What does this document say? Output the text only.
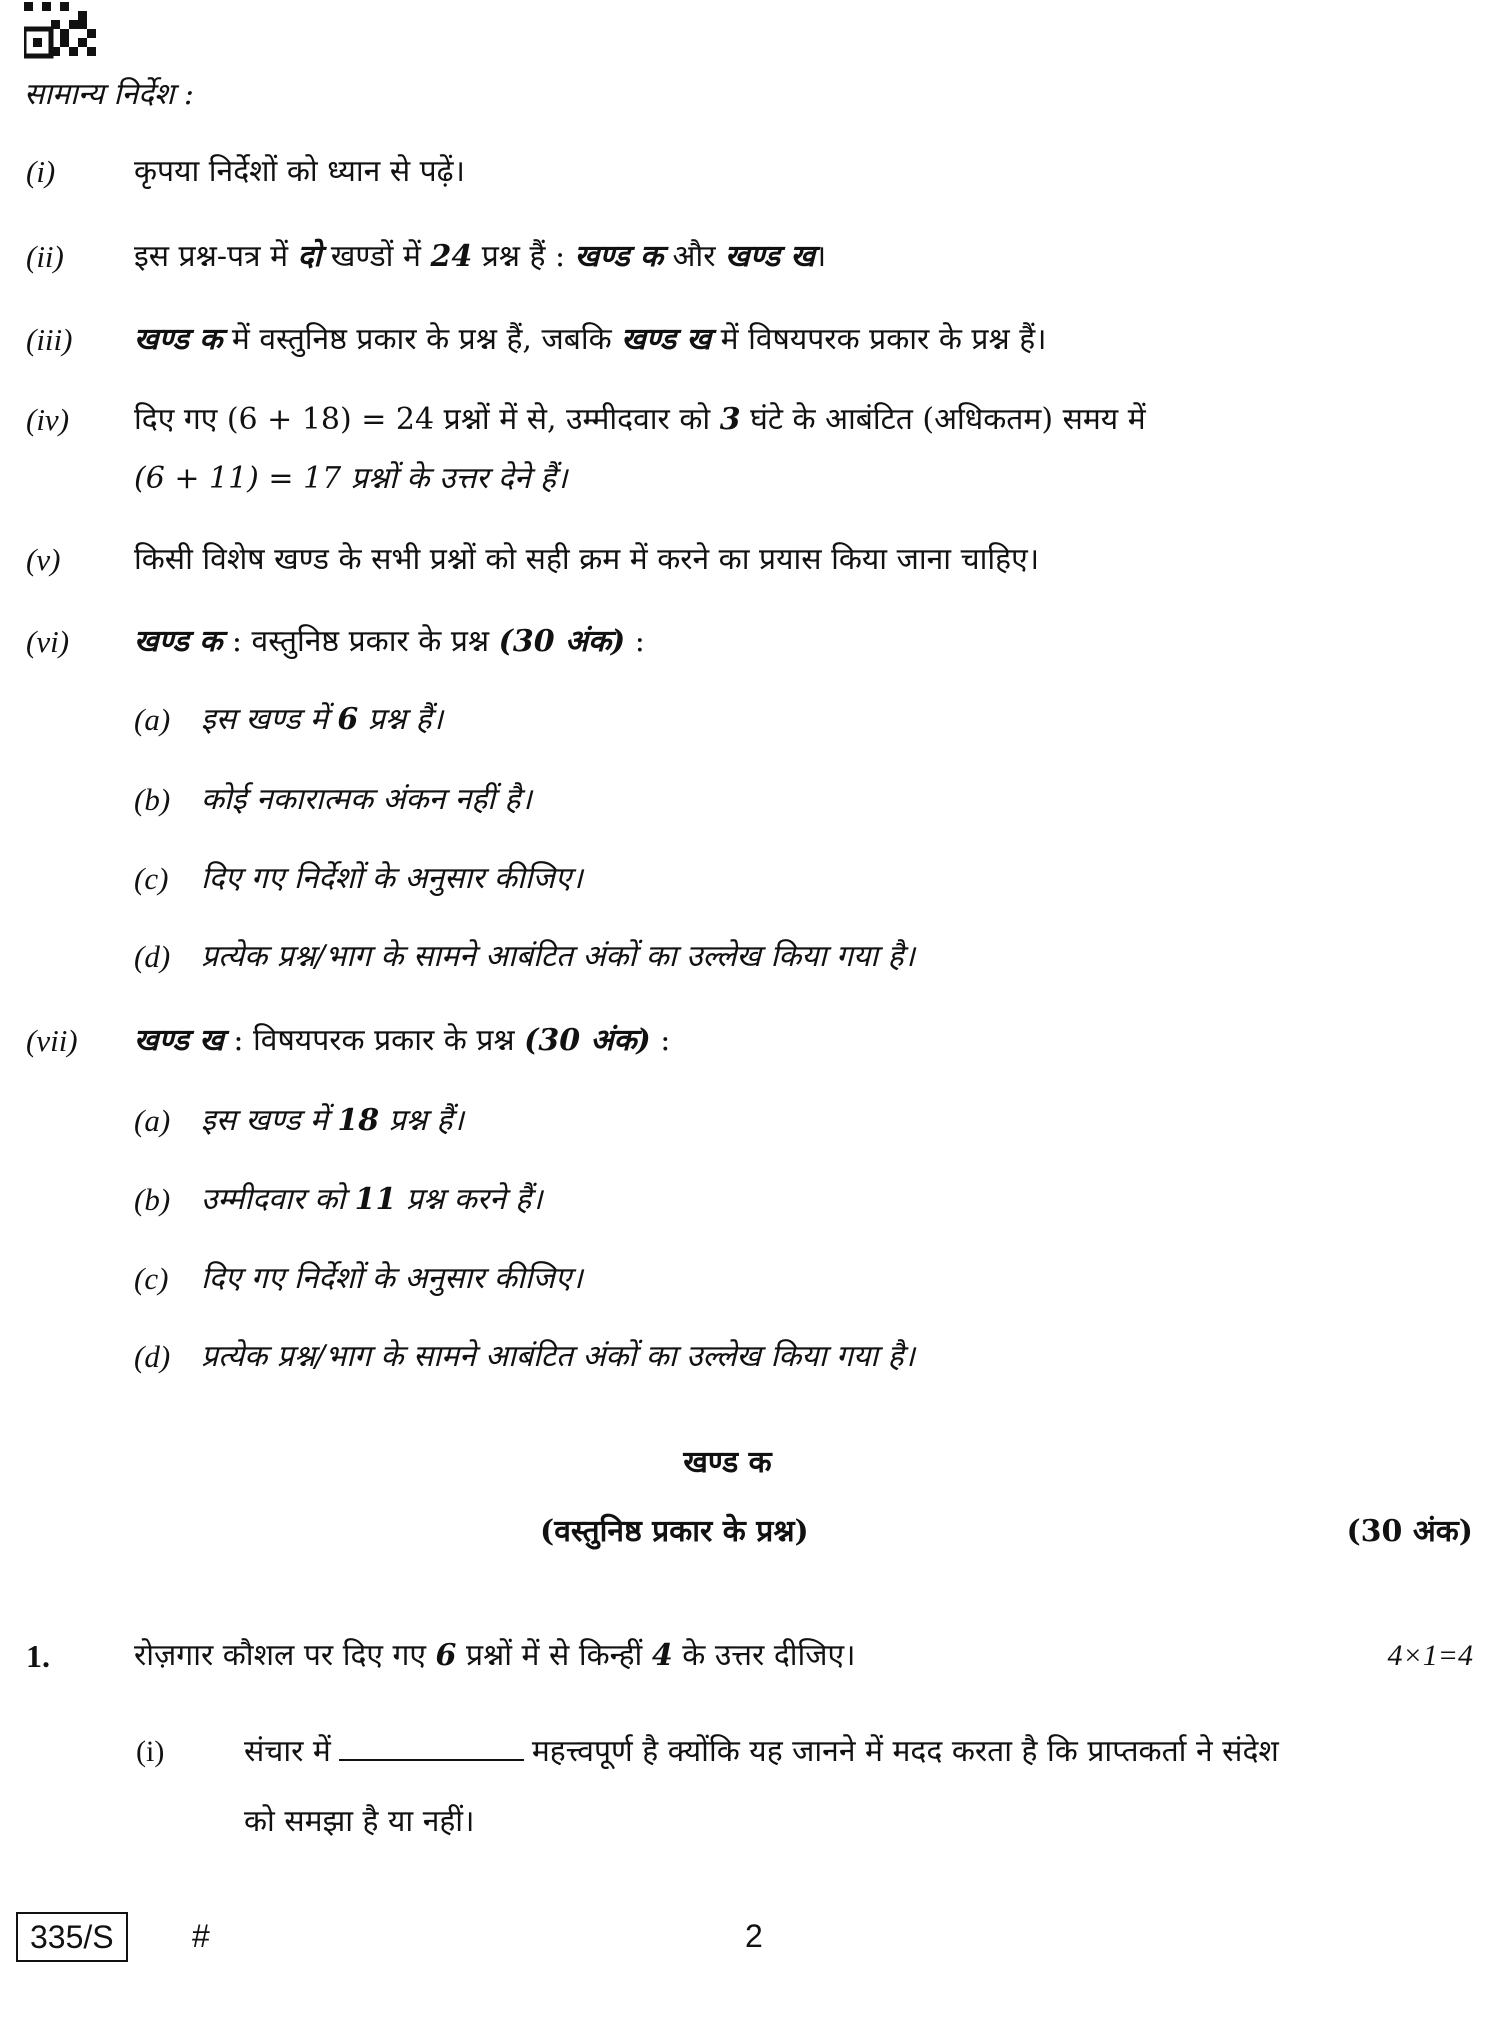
सामान्य निर्देश :
(i)	कृपया निर्देशों को ध्यान से पढ़ें।
(ii) इस प्रश्न-पत्र में दो खण्डों में 24 प्रश्न हैं : खण्ड क और खण्ड ख।
(iii) खण्ड क में वस्तुनिष्ठ प्रकार के प्रश्न हैं, जबकि खण्ड ख में विषयपरक प्रकार के प्रश्न हैं।
(iv) दिए गए (6 + 18) = 24 प्रश्नों में से, उम्मीदवार को 3 घंटे के आबंटित (अधिकतम) समय में
(6 + 11) = 17 प्रश्नों के उत्तर देने हैं।
(v) किसी विशेष खण्ड के सभी प्रश्नों को सही क्रम में करने का प्रयास किया जाना चाहिए।
(vi) खण्ड क : वस्तुनिष्ठ प्रकार के प्रश्न (30 अंक) :
(vii) खण्ड ख : विषयपरक प्रकार के प्रश्न (30 अंक) :
(a) इस खण्ड में 6 प्रश्न हैं।
(b) कोई नकारात्मक अंकन नहीं है।
(c) दिए गए निर्देशों के अनुसार कीजिए।
(d) प्रत्येक प्रश्न/भाग के सामने आबंटित अंकों का उल्लेख किया गया है।
(a) इस खण्ड में 18 प्रश्न हैं।
(b) उम्मीदवार को 11 प्रश्न करने हैं।
(c) दिए गए निर्देशों के अनुसार कीजिए।
(d) प्रत्येक प्रश्न/भाग के सामने आबंटित अंकों का उल्लेख किया गया है।
खण्ड क
(वस्तुनिष्ठ प्रकार के प्रश्न)	(30 अंक)
1.	रोज़गार कौशल पर दिए गए 6 प्रश्नों में से किन्हीं 4 के उत्तर दीजिए।	4×1=4
(i)	संचार में	महत्त्वपूर्ण है क्योंकि यह जानने में मदद करता है कि प्राप्तकर्ता ने संदेश
को समझा है या नहीं।
335/S	#	2
